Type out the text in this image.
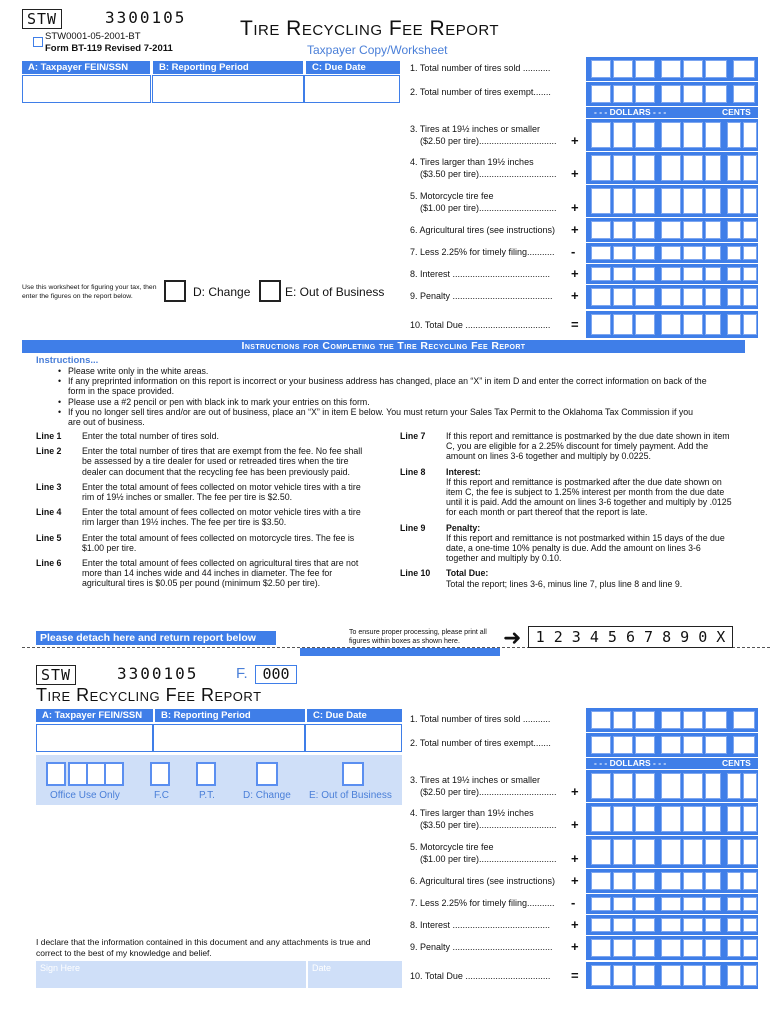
STW	3300105
STW0001-05-2001-BT
Form BT-119 Revised 7-2011
Tire Recycling Fee Report
Taxpayer Copy/Worksheet
A: Taxpayer FEIN/SSN	B: Reporting Period	C: Due Date	1. Total number of tires sold ...........
2. Total number of tires exempt.......
3. Tires at 19½ inches or smaller
($2.50 per tire)...............................	+
4. Tires larger than 19½ inches
($3.50 per tire)...............................	+
5. Motorcycle tire fee
($1.00 per tire)...............................	+
6. Agricultural tires (see instructions)	+
7. Less 2.25% for timely filing...........	-
8. Interest .......................................	+
9. Penalty ........................................	+
10. Total Due ..................................	=
- - - DOLLARS - - -	CENTS
Use this worksheet for figuring your tax, then enter the figures on the report below.	D: Change	E: Out of Business
Instructions for Completing the Tire Recycling Fee Report
Instructions...
• Please write only in the white areas.
• If any preprinted information on this report is incorrect or your business address has changed, place an “X” in item D and enter the correct information on back of the form in the space provided.
• Please use a #2 pencil or pen with black ink to mark your entries on this form.
• If you no longer sell tires and/or are out of business, place an “X” in item E below. You must return your Sales Tax Permit to the Oklahoma Tax Commission if you are out of business.
Line 1 Enter the total number of tires sold.
Line 2 Enter the total number of tires that are exempt from the fee. No fee shall be assessed by a tire dealer for used or retreaded tires when the tire dealer can document that the recycling fee has been previously paid.
Line 3 Enter the total amount of fees collected on motor vehicle tires with a tire rim of 19½ inches or smaller. The fee per tire is $2.50.
Line 4 Enter the total amount of fees collected on motor vehicle tires with a tire rim larger than 19½ inches. The fee per tire is $3.50.
Line 5 Enter the total amount of fees collected on motorcycle tires. The fee is $1.00 per tire.
Line 6 Enter the total amount of fees collected on agricultural tires that are not more than 14 inches wide and 44 inches in diameter. The fee for agricultural tires is $0.05 per pound (minimum $2.50 per tire).
Line 7 If this report and remittance is postmarked by the due date shown in item C, you are eligible for a 2.25% discount for timely payment. Add the amount on lines 3-6 together and multiply by 0.0225.
Line 8 Interest:
If this report and remittance is postmarked after the due date shown on item C, the fee is subject to 1.25% interest per month from the due date until it is paid. Add the amount on lines 3-6 together and multiply by .0125 for each month or part thereof that the report is late.
Line 9 Penalty:
If this report and remittance is not postmarked within 15 days of the due date, a one-time 10% penalty is due. Add the amount on lines 3-6 together and multiply by 0.10.
Line 10 Total Due:
Total the report; lines 3-6, minus line 7, plus line 8 and line 9.
Please detach here and return report below	To ensure proper processing, please print all figures within boxes as shown here.	➜ 1 2 3 4 5 6 7 8 9 0 X
STW	3300105	F. 000
Tire Recycling Fee Report
A: Taxpayer FEIN/SSN	B: Reporting Period	C: Due Date
Office Use Only	F.C	P.T.	D: Change E: Out of Business
1. Total number of tires sold ...........
2. Total number of tires exempt.......
3. Tires at 19½ inches or smaller
($2.50 per tire)...............................	+
4. Tires larger than 19½ inches
($3.50 per tire)...............................	+
5. Motorcycle tire fee
($1.00 per tire)...............................	+
6. Agricultural tires (see instructions)	+
7. Less 2.25% for timely filing...........	-
8. Interest .......................................	+
9. Penalty ........................................	+
10. Total Due ..................................	=
- - - DOLLARS - - -	CENTS
I declare that the information contained in this document and any attachments is true and correct to the best of my knowledge and belief.
Sign Here	Date
